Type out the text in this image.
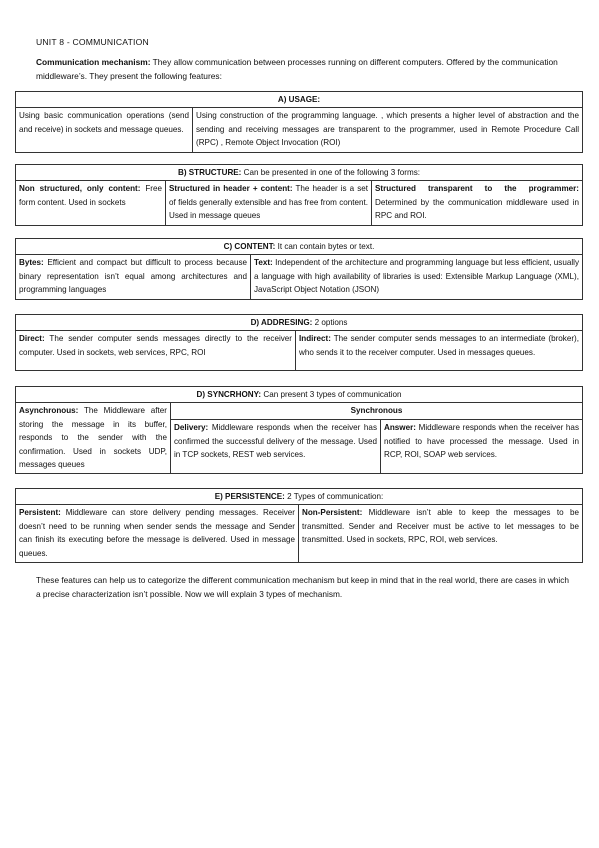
UNIT 8 - COMMUNICATION
Communication mechanism: They allow communication between processes running on different computers. Offered by the communication middleware’s. They present the following features:
A) USAGE:
Using basic communication operations (send and receive) in sockets and message queues.	Using construction of the programming language. , which presents a higher level of abstraction and the sending and receiving messages are transparent to the programmer, used in Remote Procedure Call (RPC) , Remote Object Invocation (ROI)
B) STRUCTURE: Can be presented in one of the following 3 forms:
Non structured, only content: Free form content. Used in sockets	Structured in header + content: The header is a set of fields generally extensible and has free from content. Used in message queues	Structured transparent to the programmer: Determined by the communication middleware used in RPC and ROI.
C) CONTENT: It can contain bytes or text.
Bytes: Efficient and compact but difficult to process because binary representation isn’t equal among architectures and programming languages	Text: Independent of the architecture and programming language but less efficient, usually a language with high availability of libraries is used: Extensible Markup Language (XML), JavaScript Object Notation (JSON)
D) ADDRESING: 2 options
Direct: The sender computer sends messages directly to the receiver computer. Used in sockets, web services, RPC, ROI	Indirect: The sender computer sends messages to an intermediate (broker), who sends it to the receiver computer. Used in messages queues.
D) SYNCRHONY: Can present 3 types of communication		
Asynchronous: The Middleware after storing the message in its buffer, responds to the sender with the confirmation. Used in sockets UDP, messages queues	Synchronous	
	Delivery: Middleware responds when the receiver has confirmed the successful delivery of the message. Used in TCP sockets, REST web services.	Answer: Middleware responds when the receiver has notified to have processed the message. Used in RCP, ROI, SOAP web services.
E) PERSISTENCE: 2 Types of communication:
Persistent: Middleware can store delivery pending messages. Receiver doesn’t need to be running when sender sends the message and Sender can finish its executing before the message is delivered. Used in message queues.	Non-Persistent: Middleware isn’t able to keep the messages to be transmitted. Sender and Receiver must be active to let messages to be transmitted. Used in sockets, RPC, ROI, web services.
These features can help us to categorize the different communication mechanism but keep in mind that in the real world, there are cases in which a precise characterization isn’t possible. Now we will explain 3 types of mechanism.
